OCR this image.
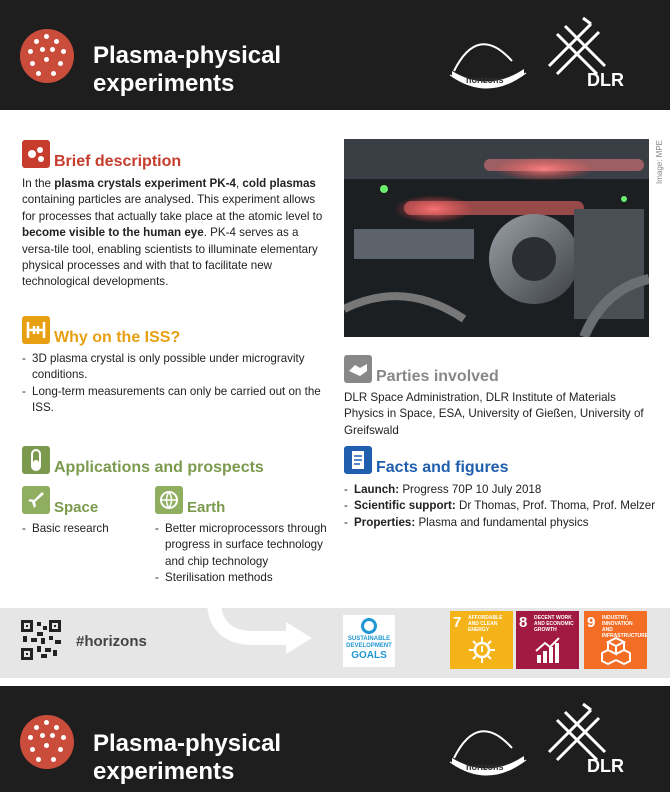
Plasma-physical
experiments	horizons	DLR
Brief description
In the plasma crystals experiment PK-4, cold plasmas containing particles are analysed. This experiment allows for processes that actually take place at the atomic level to become visible to the human eye. PK-4 serves as a versa-tile tool, enabling scientists to illuminate elementary physical processes and with that to facilitate new technological developments.
Why on the ISS?
- 3D plasma crystal is only possible under microgravity conditions.
- Long-term measurements can only be carried out on the ISS.
Applications and prospects
Space
- Basic research
Earth
- Better microprocessors through progress in surface technology and chip technology
- Sterilisation methods
Image: MPE
Parties involved
DLR Space Administration, DLR Institute of Materials Physics in Space, ESA, University of Gießen, University of Greifswald
Facts and figures
- Launch: Progress 70P 10 July 2018
- Scientific support: Dr Thomas, Prof. Thoma, Prof. Melzer
- Properties: Plasma and fundamental physics
#horizons	SUSTAINABLE
DEVELOPMENT
GOALS
7 AFFORDABLE AND CLEAN ENERGY	8 DECENT WORK AND ECONOMIC GROWTH	9 INDUSTRY, INNOVATION AND INFRASTRUCTURE
Plasma-physical
experiments	horizons	DLR
